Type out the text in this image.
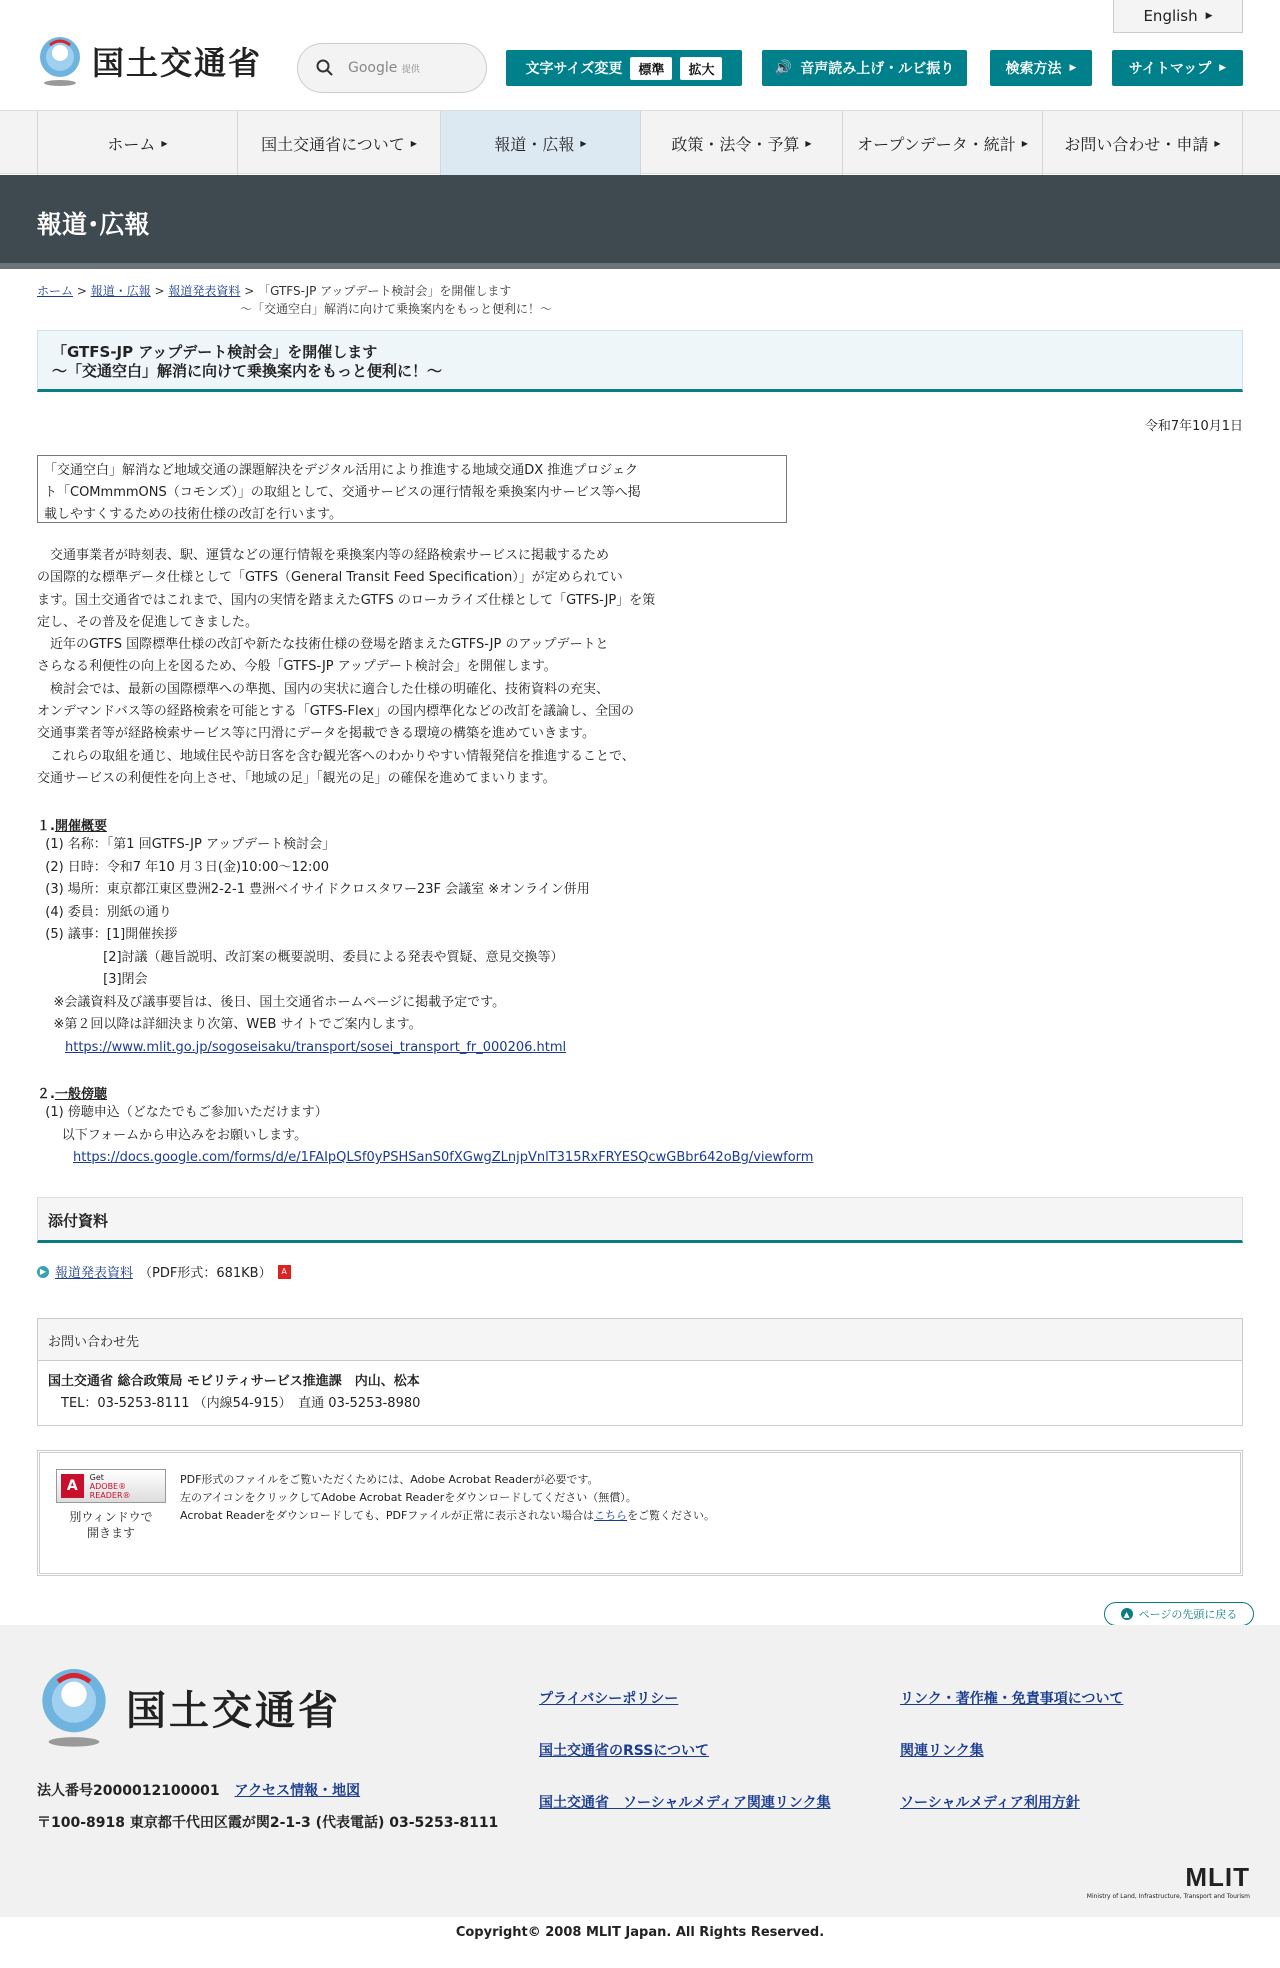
English ▶
国土交通省	Google 提供	文字サイズ変更	標準	拡大	🔊 音声読み上げ・ルビ振り	検索方法 ▶	サイトマップ ▶
ホーム ▶	国土交通省について ▶	報道・広報 ▶	政策・法令・予算 ▶	オープンデータ・統計 ▶ お問い合わせ・申請 ▶
報道･広報
ホーム > 報道・広報 > 報道発表資料 > 「GTFS-JP アップデート検討会」を開催します
～「交通空白」解消に向けて乗換案内をもっと便利に！～
「GTFS-JP アップデート検討会」を開催します
～「交通空白」解消に向けて乗換案内をもっと便利に！～
令和7年10月1日
「交通空白」解消など地域交通の課題解決をデジタル活用により推進する地域交通DX 推進プロジェク
ト「COMmmmONS（コモンズ）」の取組として、交通サービスの運行情報を乗換案内サービス等へ掲
載しやすくするための技術仕様の改訂を行います。

　交通事業者が時刻表、駅、運賃などの運行情報を乗換案内等の経路検索サービスに掲載するため
の国際的な標準データ仕様として「GTFS（General Transit Feed Specification）」が定められてい
ます。国土交通省ではこれまで、国内の実情を踏まえたGTFS のローカライズ仕様として「GTFS-JP」を策
定し、その普及を促進してきました。
　近年のGTFS 国際標準仕様の改訂や新たな技術仕様の登場を踏まえたGTFS-JP のアップデートと
さらなる利便性の向上を図るため、今般「GTFS-JP アップデート検討会」を開催します。
　検討会では、最新の国際標準への準拠、国内の実状に適合した仕様の明確化、技術資料の充実、
オンデマンドバス等の経路検索を可能とする「GTFS-Flex」の国内標準化などの改訂を議論し、全国の
交通事業者等が経路検索サービス等に円滑にデータを掲載できる環境の構築を進めていきます。
　これらの取組を通じ、地域住民や訪日客を含む観光客へのわかりやすい情報発信を推進することで、
交通サービスの利便性を向上させ、「地域の足」「観光の足」の確保を進めてまいります。

１.開催概要
(1) 名称：「第1 回GTFS-JP アップデート検討会」
(2) 日時：令和7 年10 月３日(金)10:00～12:00
(3) 場所：東京都江東区豊洲2-2-1 豊洲ベイサイドクロスタワー23F 会議室 ※オンライン併用
(4) 委員：別紙の通り
(5) 議事：[1]開催挨拶
[2]討議（趣旨説明、改訂案の概要説明、委員による発表や質疑、意見交換等）
[3]閉会
※会議資料及び議事要旨は、後日、国土交通省ホームページに掲載予定です。
※第２回以降は詳細決まり次第、WEB サイトでご案内します。
https://www.mlit.go.jp/sogoseisaku/transport/sosei_transport_fr_000206.html
２.一般傍聴
(1) 傍聴申込（どなたでもご参加いただけます）
以下フォームから申込みをお願いします。
https://docs.google.com/forms/d/e/1FAIpQLSf0yPSHSanS0fXGwgZLnjpVnlT315RxFRYESQcwGBbr642oBg/viewform
添付資料
▶ 報道発表資料 （PDF形式：681KB）	A
お問い合わせ先
国土交通省 総合政策局 モビリティサービス推進課　内山、松本
　TEL：03-5253-8111 （内線54-915）　直通 03-5253-8980
A
Get
ADOBE® READER®
別ウィンドウで
開きます
PDF形式のファイルをご覧いただくためには、Adobe Acrobat Readerが必要です。
左のアイコンをクリックしてAdobe Acrobat Readerをダウンロードしてください（無償）。
Acrobat Readerをダウンロードしても、PDFファイルが正常に表示されない場合はこちらをご覧ください。
▲ ページの先頭に戻る
国土交通省
法人番号2000012100001 アクセス情報・地図
〒100-8918 東京都千代田区霞が関2-1-3 (代表電話) 03-5253-8111
プライバシーポリシー
国土交通省のRSSについて
国土交通省　ソーシャルメディア関連リンク集
リンク・著作権・免責事項について
関連リンク集
ソーシャルメディア利用方針
MLIT
Ministry of Land, Infrastructure, Transport and Tourism
Copyright© 2008 MLIT Japan. All Rights Reserved.
